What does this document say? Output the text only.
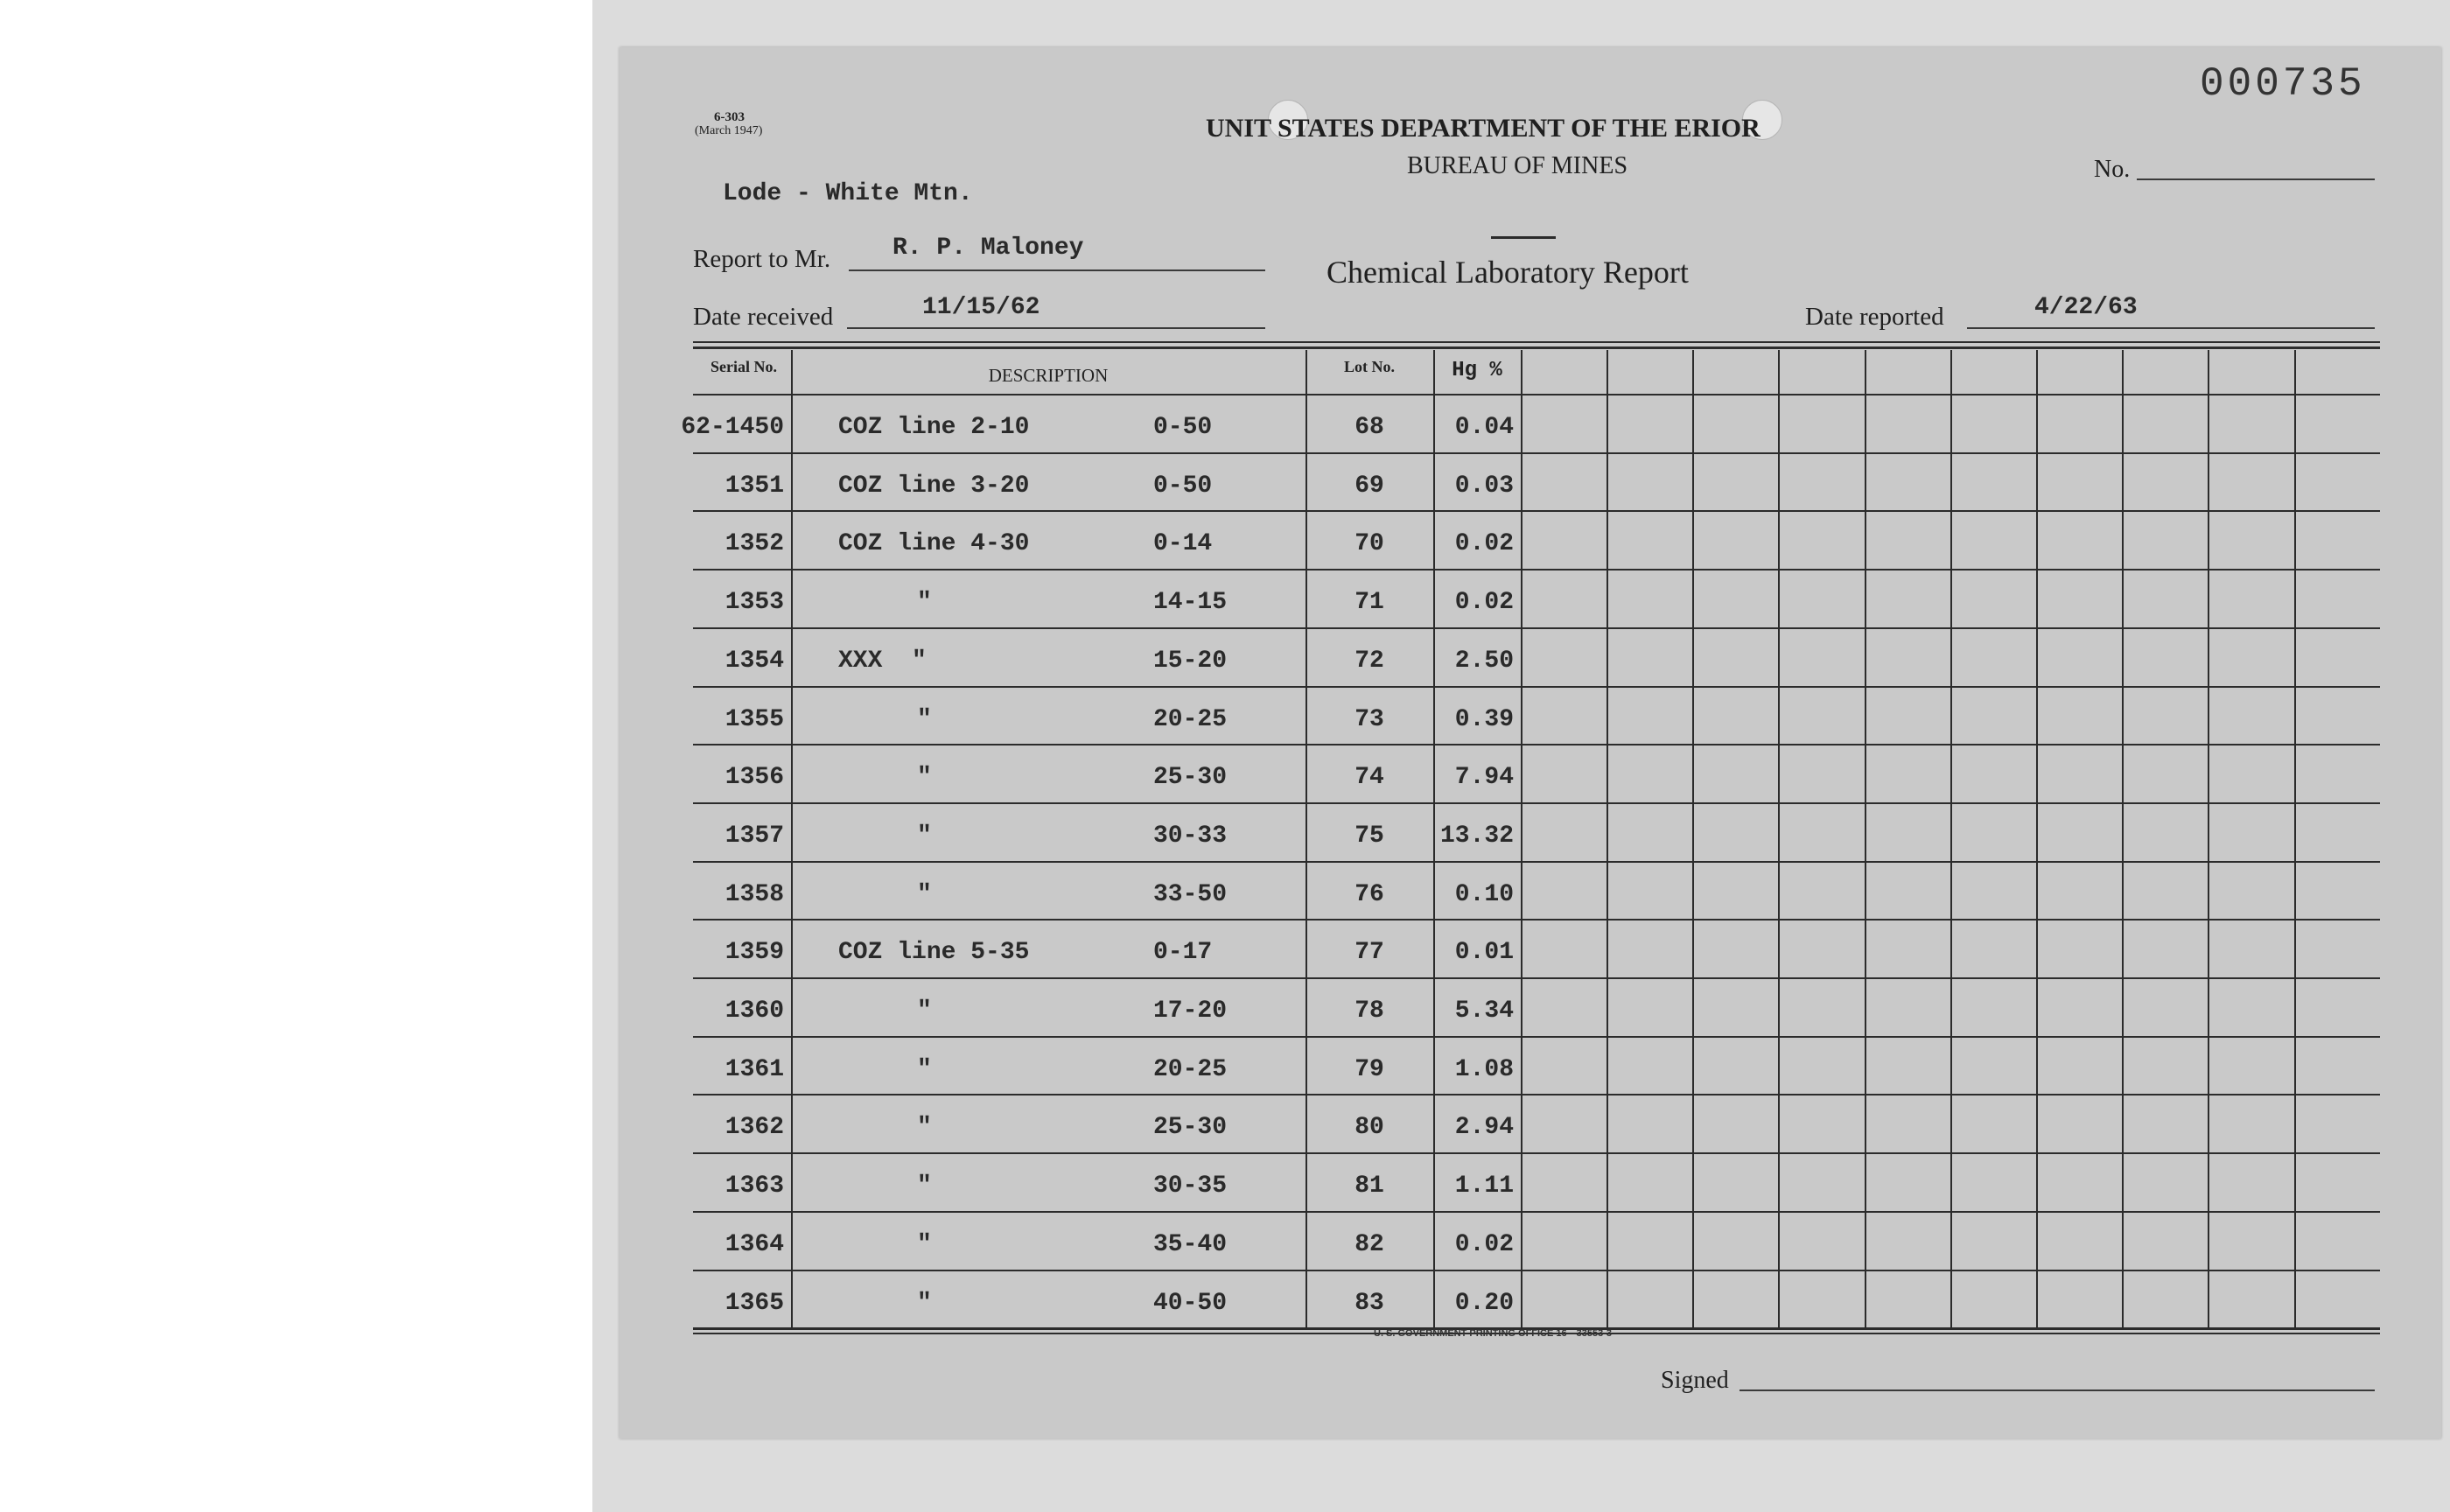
6-303
(March 1947)
000735
UNIT STATES DEPARTMENT OF THE ERIOR
BUREAU OF MINES	No.
Lode - White Mtn.
Chemical Laboratory Report
Report to Mr.	R. P. Maloney
Date received	11/15/62	Date reported	4/22/63
Serial No.	DESCRIPTION	Lot No.	Hg %
62-1450 COZ line 2-10	0-50	68	0.04
1351 COZ line 3-20	0-50	69	0.03
1352 COZ line 4-30	0-14	70	0.02
1353	"	14-15	71	0.02
1354 XXX  "	15-20	72	2.50
1355	"	20-25	73	0.39
1356	"	25-30	74	7.94
1357	"	30-33	75	13.32
1358	"	33-50	76	0.10
1359 COZ line 5-35	0-17	77	0.01
1360	"	17-20	78	5.34
1361	"	20-25	79	1.08
1362	"	25-30	80	2.94
1363	"	30-35	81	1.11
1364	"	35-40	82	0.02
1365	"	40-50	83	0.20
U. S. GOVERNMENT PRINTING OFFICE 16—33553-3
Signed
